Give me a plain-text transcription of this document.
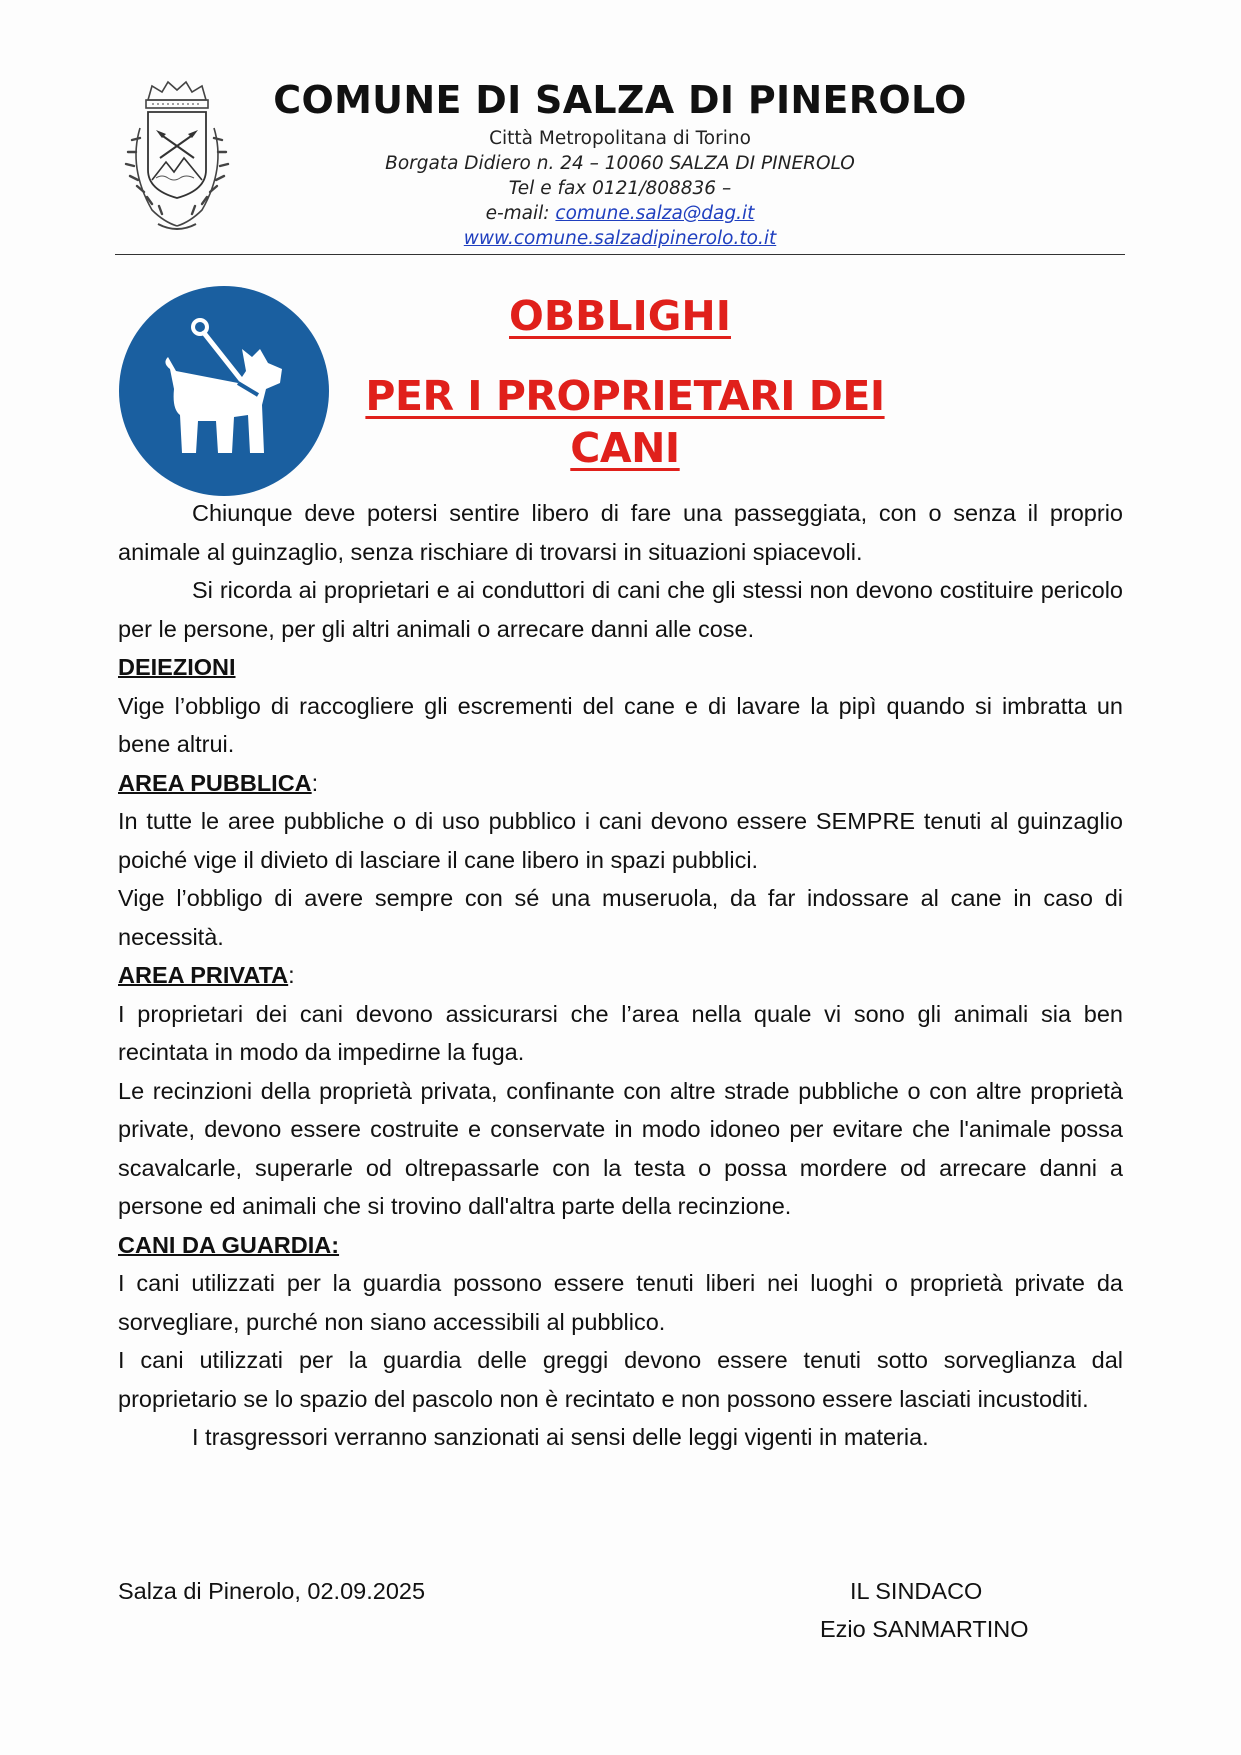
COMUNE DI SALZA DI PINEROLO
Città Metropolitana di Torino
Borgata Didiero n. 24 – 10060 SALZA DI PINEROLO
Tel e fax 0121/808836 –
e-mail: comune.salza@dag.it
www.comune.salzadipinerolo.to.it
OBBLIGHI
PER I PROPRIETARI DEI CANI

Chiunque deve potersi sentire libero di fare una passeggiata, con o senza il proprio animale al guinzaglio, senza rischiare di trovarsi in situazioni spiacevoli.

Si ricorda ai proprietari e ai conduttori di cani che gli stessi non devono costituire pericolo per le persone, per gli altri animali o arrecare danni alle cose.

DEIEZIONI

Vige l’obbligo di raccogliere gli escrementi del cane e di lavare la pipì quando si imbratta un bene altrui.

AREA PUBBLICA:

In tutte le aree pubbliche o di uso pubblico i cani devono essere SEMPRE tenuti al guinzaglio poiché vige il divieto di lasciare il cane libero in spazi pubblici.

Vige l’obbligo di avere sempre con sé una museruola, da far indossare al cane in caso di necessità.

AREA PRIVATA:

I proprietari dei cani devono assicurarsi che l’area nella quale vi sono gli animali sia ben recintata in modo da impedirne la fuga.

Le recinzioni della proprietà privata, confinante con altre strade pubbliche o con altre proprietà private, devono essere costruite e conservate in modo idoneo per evitare che l'animale possa scavalcarle, superarle od oltrepassarle con la testa o possa mordere od arrecare danni a persone ed animali che si trovino dall'altra parte della recinzione.

CANI DA GUARDIA:

I cani utilizzati per la guardia possono essere tenuti liberi nei luoghi o proprietà private da sorvegliare, purché non siano accessibili al pubblico.

I cani utilizzati per la guardia delle greggi devono essere tenuti sotto sorveglianza dal proprietario se lo spazio del pascolo non è recintato e non possono essere lasciati incustoditi.

I trasgressori verranno sanzionati ai sensi delle leggi vigenti in materia.

Salza di Pinerolo, 02.09.2025	IL SINDACO
Ezio SANMARTINO
